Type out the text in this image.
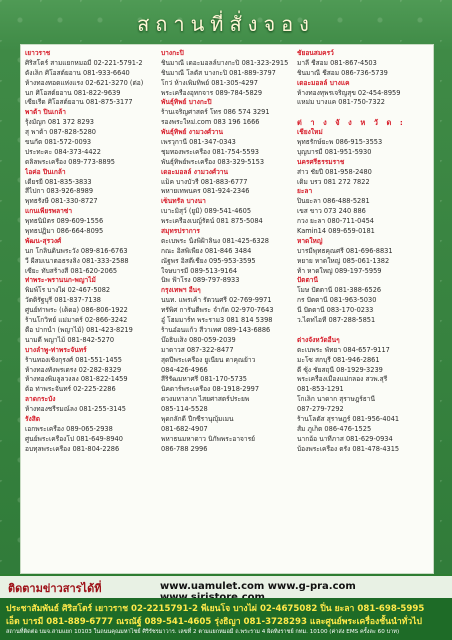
สถานที่สั่งจอง
เยาวราช
ศิริสโตร์ สามแยกหมอมี 02-221-5791-2
ตังเล็ก ศิโอสต์ยอาน 081-933-6640
ห้างทองทอดแห่งแรง 02-621-3270 (ต่อ)
นก ศิโอสต์ยอาน 081-822-9639
เซียเรีด ศิโอสต์ยอาน 081-875-3177
พาต้า ปิ่นเกล้า
รุ้งมัญก 081 372 8293
สุ พาต้า 087-828-5280
ขนกัต 081-572-0093
ประทะคะ 084-373-4422
ดลิลพระเครื่อง 089-773-8895
ไอค่อ ปิ่นเกล้า
เดียรยี 081-835-3833
สีไปกา 083-926-8989
พุทธรังษี 081-330-8727
แกนเพียรพลาซ่า
พุทธนิมิตร 089-609-1556
พุทธปฏิมา 086-664-8095
พัฒน-สุรวงศ์
นก โกลิ่นดิ่นพระวัง 089-816-6763
วี ผีสมเนาตอธรงลิ่ง 081-333-2588
เซียะ ทับสร้างสี 081-620-2065
ท่าพระ-พรานนก-พญาไม้
พิมพ์โร บางไผ่ 02-467-5082
วัตติรัฐบุรี 081-837-7138
ศูนย์ท่าพระ (เด็ดอ) 086-806-1922
ร้านโกวิทย์ แม่มาตร์ 02-866-3242
ตือ ปากน้ำ (พญาไม้) 081-423-8219
นามดี พญาไม้ 081-842-5270
บางลำพู-ท่าพระจันทร์
ร้านทองเชิงกุรงศ์ 081-551-1455
ห้างทองทั่งพรเดรง 02-282-8329
ห้างทองพิมลูลวงลง 081-822-1459
ต้อ ท่าพระจันทร์ 02-225-2286
ลาดกระบัง
ห้างทองชรีรมณ์ลง 081-255-3145
รังสิต
เอกพระเครื่อง 089-065-2938
ศูนย์พระเครื่องโป 081-649-8940
อบทุลพระเครื่อง 081-804-2286
บางกะปิ
ชินมาณี เดอะมอลล์บางกะปิ 081-323-2915
ชินมาณี โลตัส บางกะปิ 081-889-3797
โกว่ ห้างเพิ่มทิพย์ 081-305-4297
พระเครื่องอุทกจาร 089-784-5829
พันธุ์ทิพย์ บางกะปิ
ร้านเจริญศาสตร์ โทร 086 574 3291
รองพระใหม่.com 083 196 1666
พันธุ์ทิพย์ งามวงศ์วาน
เพรวุกานี 081-347-0343
ชุมทองพระเครื่อง 081-754-5593
พันธุ์ทิพย์พระเครื่อง 083-329-5153
เดอะมอลล์ งามวงศ์วาน
แม็ค บางบัวรี 081-883-6777
พหายเทพนคร 081-924-2346
เซ็นทรัล บางนา
เบาะมิสุว์ (ยูมิ) 089-541-4605
พระเครื่องเบญ์รัตน์ 081 875-5084
สมุทรปราการ
ตะเบพระ นิ้งพิฝ้าลิ่นง 081-425-6328
กณะ อิสพิเพียง 081-846 3484
ณัฐพร อิสตีเชียง 095-953-3595
ใจษบารมี 089-513-9164
นิพ ฟ้าโรง 089-797-8933
กรุงเทพฯ อื่นๆ
นนท. แพรเค้า รัตวนศรี 02-769-9971
ทรัพิศ การันตีพระ จำกัด 02-970-7643
อู๋ โฮมมาร์ท พระราม3 081 814 5398
ร้านอ๋อนแก้ว สีวาเทศ 089-143-6886
บ๊อธิบเส็ง 080-059-2039
มาดาวส 087-322-8477
สุดปีพระเครื่อง ยูเนียน ดาคุณย้าว
084-426-4966
สีริรัฒมหาศรี 081-170-5735
นิคดาร์พระเครื่อง 08-1918-2997
ดวงมหาลาภ ไสยศาสตร์ประยพ
085-114-5528
พุดกลักดี ปี๋กซีรานุญุ้มเมน
081-682-4907
พหาธนมหาดาว นิกัพพระอาจารย์
086-788 2996
ชัยอนสมครว์
มาลี ชีสอม 081-867-4503
ชินมาณี ชีสอม 086-736-5739
เดอะมอลล์ บางแค
ห้างทองทุพรเจริญสุข 02-454-8959
แหม่ม บางแค 081-750-7322
ต่ า ง จั ง ห วั ด :
เชียงใหม่
พุทธรักษ์ยะพ 086-915-3553
บุญบารมี 081-951-5930
นครศรีธรรมราช
ส่าว ชัยปี 081-958-2480
เดิม บรว 081 272 7822
ยะลา
ปิ่นยะลา 086-488-5281
เขส ขาว 073 240 886
กวง ยะลา 080-711-0454
Kamin14 089-659-0181
หาดใหญ่
บารมีพุทธคุณศรี 081-696-8831
หยาย หาดใหญ่ 085-061-1382
ท้า หาดใหญ่ 089-197-5959
ปัตตานี
โมษ ปัตตานี 081-388-6526
กร ปัตตานี 081-963-5030
นี ปัตตานี 083-170-0233
ว.ไดทไอที 087-288-5851
ต่างจังหวัดอื่นๆ
ตะเบพระ พัทยา 084-657-9117
มะโซ สกบุรี 081-946-2861
ตี ซุ้ง ชัยสฤนี 08-1929-3239
พระเครื่องเมืองแม่กลอง สวพ.สุรี
081-853-1291
โกเล็ก นาดาก สุราษฎร์ธานี
087-279-7292
ร้านโลตัส สุราษฎร์ 081-956-4041
สั้ม ภูเก็ต 086-476-1525
นากอ้อ นาทีภาส 081-629-0934
บ้องพระเครื่อง ตรัง 081-478-4315
ติดตามข่าวสารได้ที่	www.uamulet.com www.g-pra.com
ประชาสัมพันธ์ ศิริสโตร์ เยาวราช 02-2215791-2 พีเยนโจ บางไผ่ 02-4675082 ปิ่น ยะลา 081-698-5995
เอ็ด บารมี 081-889-6777 ณรณัฐ์ 089-541-4605 รุ่งธิญา 081-3728293 และศูนย์พระเครื่องชั้นนำทั่วไป
สถานที่ติดต่อ บมจ.สามแยก 10103 ในถนนคุณมหาไชย์ ศิริรัชรมาวาร. เลขที่ 2 ตามแยกหมอมี ถ.พระราม 4 ผิดทิงราชย์ กทม. 10100 (ค่าส่ง EMS ครั้งละ 60 บาท)
